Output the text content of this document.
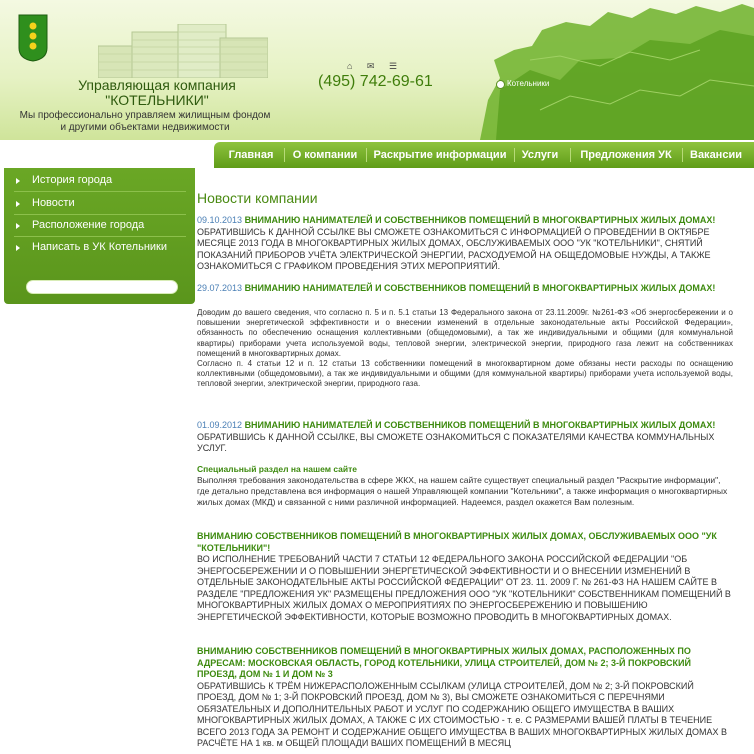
Управляющая компания
"КОТЕЛЬНИКИ"
Мы профессионально управляем жилищным фондом
и другими объектами недвижимости
⌂ ✉ ☰
(495) 742-69-61	Котельники
Главная	О компании	Раскрытие информации	Услуги	Предложения УК	Вакансии
История города
Новости
Расположение города
Написать в УК Котельники
Новости компании
09.10.2013 ВНИМАНИЮ НАНИМАТЕЛЕЙ И СОБСТВЕННИКОВ ПОМЕЩЕНИЙ В МНОГОКВАРТИРНЫХ ЖИЛЫХ ДОМАХ!
ОБРАТИВШИСЬ К ДАННОЙ ССЫЛКЕ ВЫ СМОЖЕТЕ ОЗНАКОМИТЬСЯ С ИНФОРМАЦИЕЙ О ПРОВЕДЕНИИ В ОКТЯБРЕ МЕСЯЦЕ 2013 ГОДА В МНОГОКВАРТИРНЫХ ЖИЛЫХ ДОМАХ, ОБСЛУЖИВАЕМЫХ ООО "УК "КОТЕЛЬНИКИ", СНЯТИЙ ПОКАЗАНИЙ ПРИБОРОВ УЧЁТА ЭЛЕКТРИЧЕСКОЙ ЭНЕРГИИ, РАСХОДУЕМОЙ НА ОБЩЕДОМОВЫЕ НУЖДЫ, А ТАКЖЕ ОЗНАКОМИТЬСЯ С ГРАФИКОМ ПРОВЕДЕНИЯ ЭТИХ МЕРОПРИЯТИЙ.
29.07.2013 ВНИМАНИЮ НАНИМАТЕЛЕЙ И СОБСТВЕННИКОВ ПОМЕЩЕНИЙ В МНОГОКВАРТИРНЫХ ЖИЛЫХ ДОМАХ!
Доводим до вашего сведения, что согласно п. 5 и п. 5.1 статьи 13 Федерального закона от 23.11.2009г. №261-ФЗ «Об энергосбережении и о повышении энергетической эффективности и о внесении изменений в отдельные законодательные акты Российской Федерации», обязанность по обеспечению оснащения коллективными (общедомовыми), а так же индивидуальными и общими (для коммунальной квартиры) приборами учета используемой воды, тепловой энергии, электрической энергии, природного газа лежит на собственниках помещений в многоквартирных домах.
Согласно п. 4 статьи 12 и п. 12 статьи 13 собственники помещений в многоквартирном доме обязаны нести расходы по оснащению коллективными (общедомовыми), а так же индивидуальными и общими (для коммунальной квартиры) приборами учета используемой воды, тепловой энергии, электрической энергии, природного газа.
01.09.2012 ВНИМАНИЮ НАНИМАТЕЛЕЙ И СОБСТВЕННИКОВ ПОМЕЩЕНИЙ В МНОГОКВАРТИРНЫХ ЖИЛЫХ ДОМАХ!
ОБРАТИВШИСЬ К ДАННОЙ ССЫЛКЕ, ВЫ СМОЖЕТЕ ОЗНАКОМИТЬСЯ С ПОКАЗАТЕЛЯМИ КАЧЕСТВА КОММУНАЛЬНЫХ УСЛУГ.
Специальный раздел на нашем сайте
Выполняя требования законодательства в сфере ЖКХ, на нашем сайте существует специальный раздел "Раскрытие информации", где детально представлена вся информация о нашей Управляющей компании "Котельники", а также информация о многоквартирных жилых домах (МКД) и связанной с ними различной информацией. Надеемся, раздел окажется Вам полезным.
ВНИМАНИЮ СОБСТВЕННИКОВ ПОМЕЩЕНИЙ В МНОГОКВАРТИРНЫХ ЖИЛЫХ ДОМАХ, ОБСЛУЖИВАЕМЫХ ООО "УК "КОТЕЛЬНИКИ"!
ВО ИСПОЛНЕНИЕ ТРЕБОВАНИЙ ЧАСТИ 7 СТАТЬИ 12 ФЕДЕРАЛЬНОГО ЗАКОНА РОССИЙСКОЙ ФЕДЕРАЦИИ "ОБ ЭНЕРГОСБЕРЕЖЕНИИ И О ПОВЫШЕНИИ ЭНЕРГЕТИЧЕСКОЙ ЭФФЕКТИВНОСТИ И О ВНЕСЕНИИ ИЗМЕНЕНИЙ В ОТДЕЛЬНЫЕ ЗАКОНОДАТЕЛЬНЫЕ АКТЫ РОССИЙСКОЙ ФЕДЕРАЦИИ" ОТ 23. 11. 2009 Г. № 261-ФЗ НА НАШЕМ САЙТЕ В РАЗДЕЛЕ "ПРЕДЛОЖЕНИЯ УК" РАЗМЕЩЕНЫ ПРЕДЛОЖЕНИЯ ООО "УК "КОТЕЛЬНИКИ" СОБСТВЕННИКАМ ПОМЕЩЕНИЙ В МНОГОКВАРТИРНЫХ ЖИЛЫХ ДОМАХ О МЕРОПРИЯТИЯХ ПО ЭНЕРГОСБЕРЕЖЕНИЮ И ПОВЫШЕНИЮ ЭНЕРГЕТИЧЕСКОЙ ЭФФЕКТИВНОСТИ, КОТОРЫЕ ВОЗМОЖНО ПРОВОДИТЬ В МНОГОКВАРТИРНЫХ ДОМАХ.
ВНИМАНИЮ СОБСТВЕННИКОВ ПОМЕЩЕНИЙ В МНОГОКВАРТИРНЫХ ЖИЛЫХ ДОМАХ, РАСПОЛОЖЕННЫХ ПО АДРЕСАМ: МОСКОВСКАЯ ОБЛАСТЬ, ГОРОД КОТЕЛЬНИКИ, УЛИЦА СТРОИТЕЛЕЙ, ДОМ № 2; 3-Й ПОКРОВСКИЙ ПРОЕЗД, ДОМ № 1 И ДОМ № 3
ОБРАТИВШИСЬ К ТРЁМ НИЖЕРАСПОЛОЖЕННЫМ ССЫЛКАМ (УЛИЦА СТРОИТЕЛЕЙ, ДОМ № 2; 3-Й ПОКРОВСКИЙ ПРОЕЗД, ДОМ № 1; 3-Й ПОКРОВСКИЙ ПРОЕЗД, ДОМ № 3), ВЫ СМОЖЕТЕ ОЗНАКОМИТЬСЯ С ПЕРЕЧНЯМИ ОБЯЗАТЕЛЬНЫХ И ДОПОЛНИТЕЛЬНЫХ РАБОТ И УСЛУГ ПО СОДЕРЖАНИЮ ОБЩЕГО ИМУЩЕСТВА В ВАШИХ МНОГОКВАРТИРНЫХ ЖИЛЫХ ДОМАХ, А ТАКЖЕ С ИХ СТОИМОСТЬЮ - т. е. С РАЗМЕРАМИ ВАШЕЙ ПЛАТЫ В ТЕЧЕНИЕ ВСЕГО 2013 ГОДА ЗА РЕМОНТ И СОДЕРЖАНИЕ ОБЩЕГО ИМУЩЕСТВА В ВАШИХ МНОГОКВАРТИРНЫХ ЖИЛЫХ ДОМАХ В РАСЧЁТЕ НА 1 кв. м ОБЩЕЙ ПЛОЩАДИ ВАШИХ ПОМЕЩЕНИЙ В МЕСЯЦ
